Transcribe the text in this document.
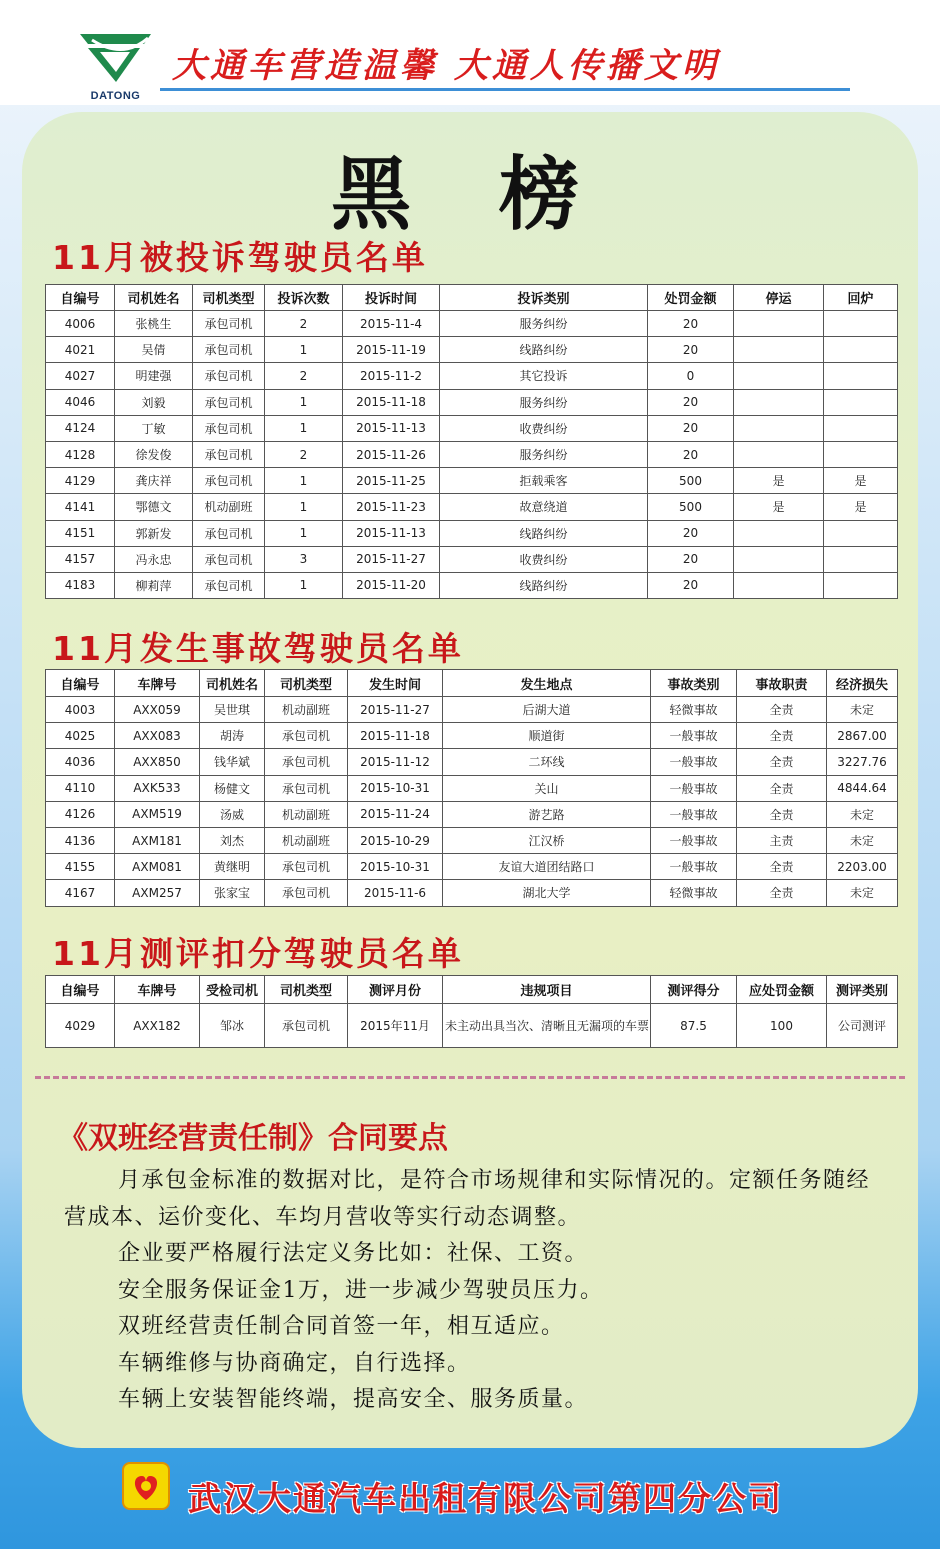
DATONG
大通车营造温馨 大通人传播文明
黑 榜
11月被投诉驾驶员名单
自编号	司机姓名	司机类型	投诉次数	投诉时间	投诉类别	处罚金额	停运	回炉
4006	张桃生	承包司机	2	2015-11-4	服务纠纷	20		
4021	吴倩	承包司机	1	2015-11-19	线路纠纷	20		
4027	明建强	承包司机	2	2015-11-2	其它投诉	0		
4046	刘毅	承包司机	1	2015-11-18	服务纠纷	20		
4124	丁敏	承包司机	1	2015-11-13	收费纠纷	20		
4128	徐发俊	承包司机	2	2015-11-26	服务纠纷	20		
4129	龚庆祥	承包司机	1	2015-11-25	拒载乘客	500	是	是
4141	鄂德文	机动副班	1	2015-11-23	故意绕道	500	是	是
4151	郭新发	承包司机	1	2015-11-13	线路纠纷	20		
4157	冯永忠	承包司机	3	2015-11-27	收费纠纷	20		
4183	柳莉萍	承包司机	1	2015-11-20	线路纠纷	20		
11月发生事故驾驶员名单
自编号	车牌号	司机姓名	司机类型	发生时间	发生地点	事故类别	事故职责	经济损失
4003	AXX059	吴世琪	机动副班	2015-11-27	后湖大道	轻微事故	全责	未定
4025	AXX083	胡涛	承包司机	2015-11-18	顺道街	一般事故	全责	2867.00
4036	AXX850	钱华斌	承包司机	2015-11-12	二环线	一般事故	全责	3227.76
4110	AXK533	杨健文	承包司机	2015-10-31	关山	一般事故	全责	4844.64
4126	AXM519	汤威	机动副班	2015-11-24	游艺路	一般事故	全责	未定
4136	AXM181	刘杰	机动副班	2015-10-29	江汉桥	一般事故	主责	未定
4155	AXM081	黄继明	承包司机	2015-10-31	友谊大道团结路口	一般事故	全责	2203.00
4167	AXM257	张家宝	承包司机	2015-11-6	湖北大学	轻微事故	全责	未定
11月测评扣分驾驶员名单
自编号	车牌号	受检司机	司机类型	测评月份	违规项目	测评得分	应处罚金额	测评类别
4029	AXX182	邹冰	承包司机	2015年11月	未主动出具当次、清晰且无漏项的车票	87.5	100	公司测评
《双班经营责任制》合同要点

月承包金标准的数据对比，是符合市场规律和实际情况的。定额任务随经营成本、运价变化、车均月营收等实行动态调整。

企业要严格履行法定义务比如：社保、工资。

安全服务保证金1万，进一步减少驾驶员压力。

双班经营责任制合同首签一年，相互适应。

车辆维修与协商确定，自行选择。

车辆上安装智能终端，提高安全、服务质量。

武汉大通汽车出租有限公司第四分公司
